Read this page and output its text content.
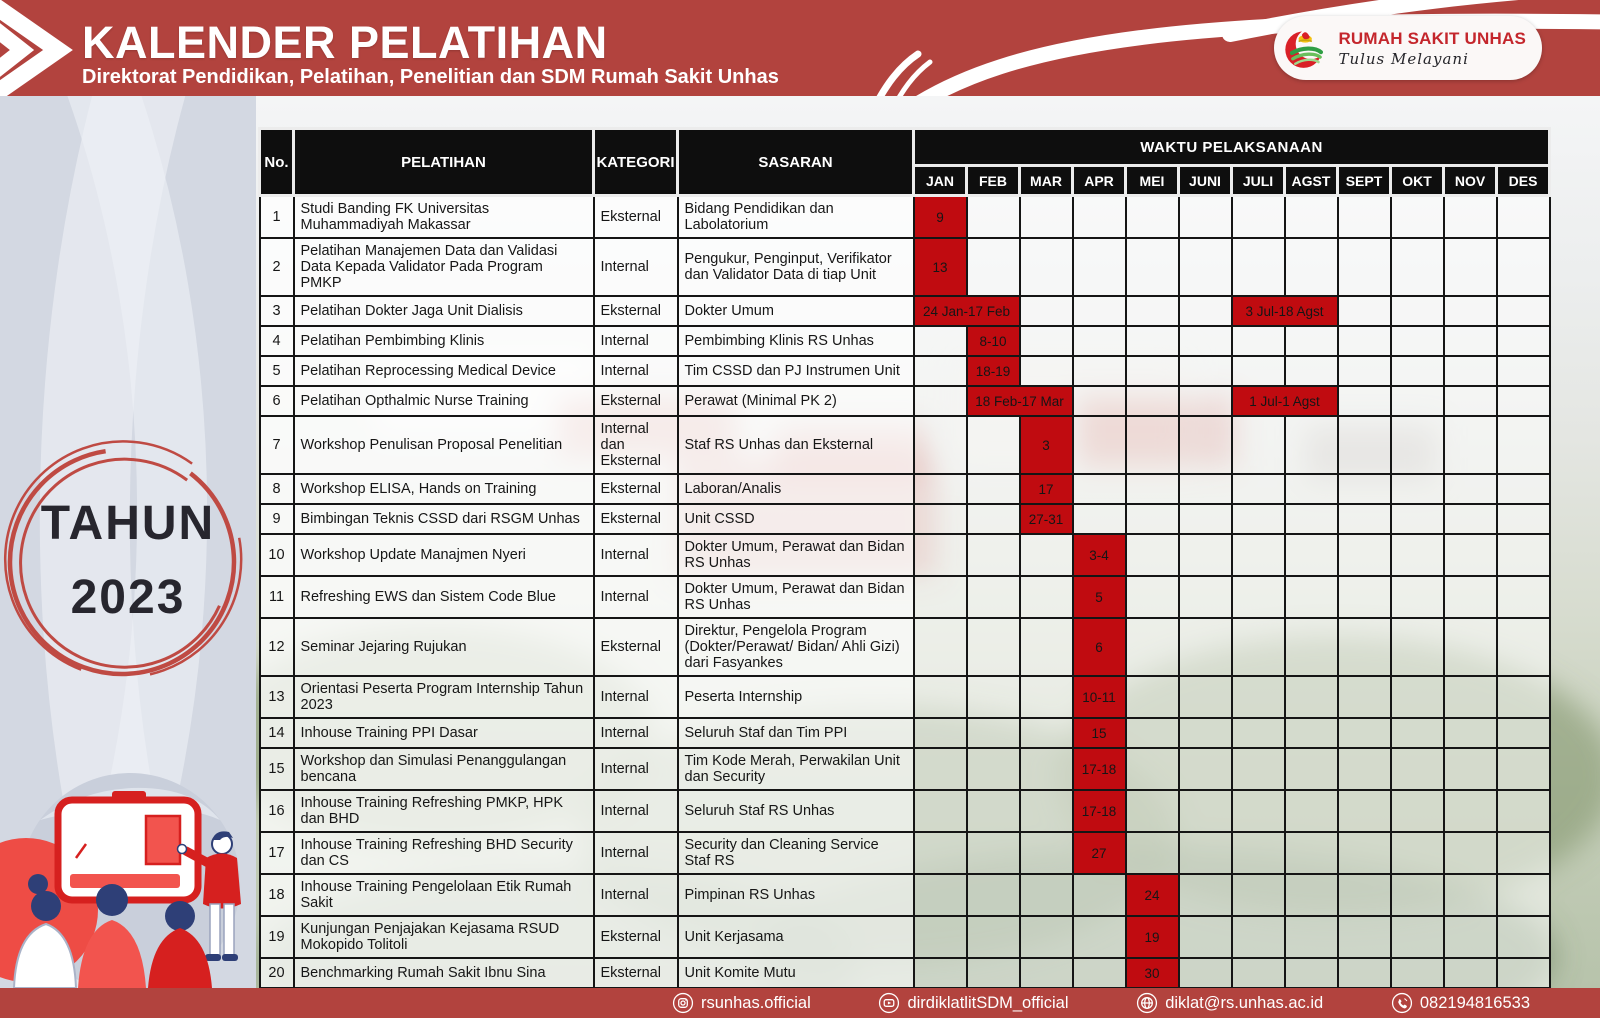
KALENDER PELATIHAN
Direktorat Pendidikan, Pelatihan, Penelitian dan SDM Rumah Sakit Unhas
RUMAH SAKIT UNHAS
Tulus Melayani
TAHUN
2023
No.	PELATIHAN	KATEGORI	SASARAN	WAKTU PELAKSANAAN											
				JAN	FEB	MAR	APR	MEI	JUNI	JULI	AGST	SEPT	OKT	NOV	DES
1	Studi Banding FK Universitas Muhammadiyah Makassar	Eksternal	Bidang Pendidikan dan Labolatorium	9											
2	Pelatihan Manajemen Data dan Validasi Data Kepada Validator Pada Program PMKP	Internal	Pengukur, Penginput, Verifikator dan Validator Data di tiap Unit	13											
3	Pelatihan Dokter Jaga Unit Dialisis	Eksternal	Dokter Umum	24 Jan-17 Feb						3 Jul-18 Agst					
4	Pelatihan Pembimbing Klinis	Internal	Pembimbing Klinis RS Unhas		8-10										
5	Pelatihan Reprocessing Medical Device	Internal	Tim CSSD dan PJ Instrumen Unit		18-19										
6	Pelatihan Opthalmic Nurse Training	Eksternal	Perawat (Minimal PK 2)		18 Feb-17 Mar					1 Jul-1 Agst					
7	Workshop Penulisan Proposal Penelitian	Internal dan Eksternal	Staf RS Unhas dan Eksternal			3									
8	Workshop ELISA, Hands on Training	Eksternal	Laboran/Analis			17									
9	Bimbingan Teknis CSSD dari RSGM Unhas	Eksternal	Unit CSSD			27-31									
10	Workshop Update Manajmen Nyeri	Internal	Dokter Umum, Perawat dan Bidan RS Unhas				3-4								
11	Refreshing EWS dan Sistem Code Blue	Internal	Dokter Umum, Perawat dan Bidan RS Unhas				5								
12	Seminar Jejaring Rujukan	Eksternal	Direktur, Pengelola Program (Dokter/Perawat/ Bidan/ Ahli Gizi) dari Fasyankes				6								
13	Orientasi Peserta Program Internship Tahun 2023	Internal	Peserta Internship				10-11								
14	Inhouse Training PPI Dasar	Internal	Seluruh Staf dan Tim PPI				15								
15	Workshop dan Simulasi Penanggulangan bencana	Internal	Tim Kode Merah, Perwakilan Unit dan Security				17-18								
16	Inhouse Training Refreshing PMKP, HPK dan BHD	Internal	Seluruh Staf RS Unhas				17-18								
17	Inhouse Training Refreshing BHD Security dan CS	Internal	Security dan Cleaning Service Staf RS				27								
18	Inhouse Training Pengelolaan Etik Rumah Sakit	Internal	Pimpinan RS Unhas					24							
19	Kunjungan Penjajakan Kejasama RSUD Mokopido Tolitoli	Eksternal	Unit Kerjasama					19							
20	Benchmarking Rumah Sakit Ibnu Sina	Eksternal	Unit Komite Mutu					30							
rsunhas.official	dirdiklatlitSDM_official	diklat@rs.unhas.ac.id	082194816533
